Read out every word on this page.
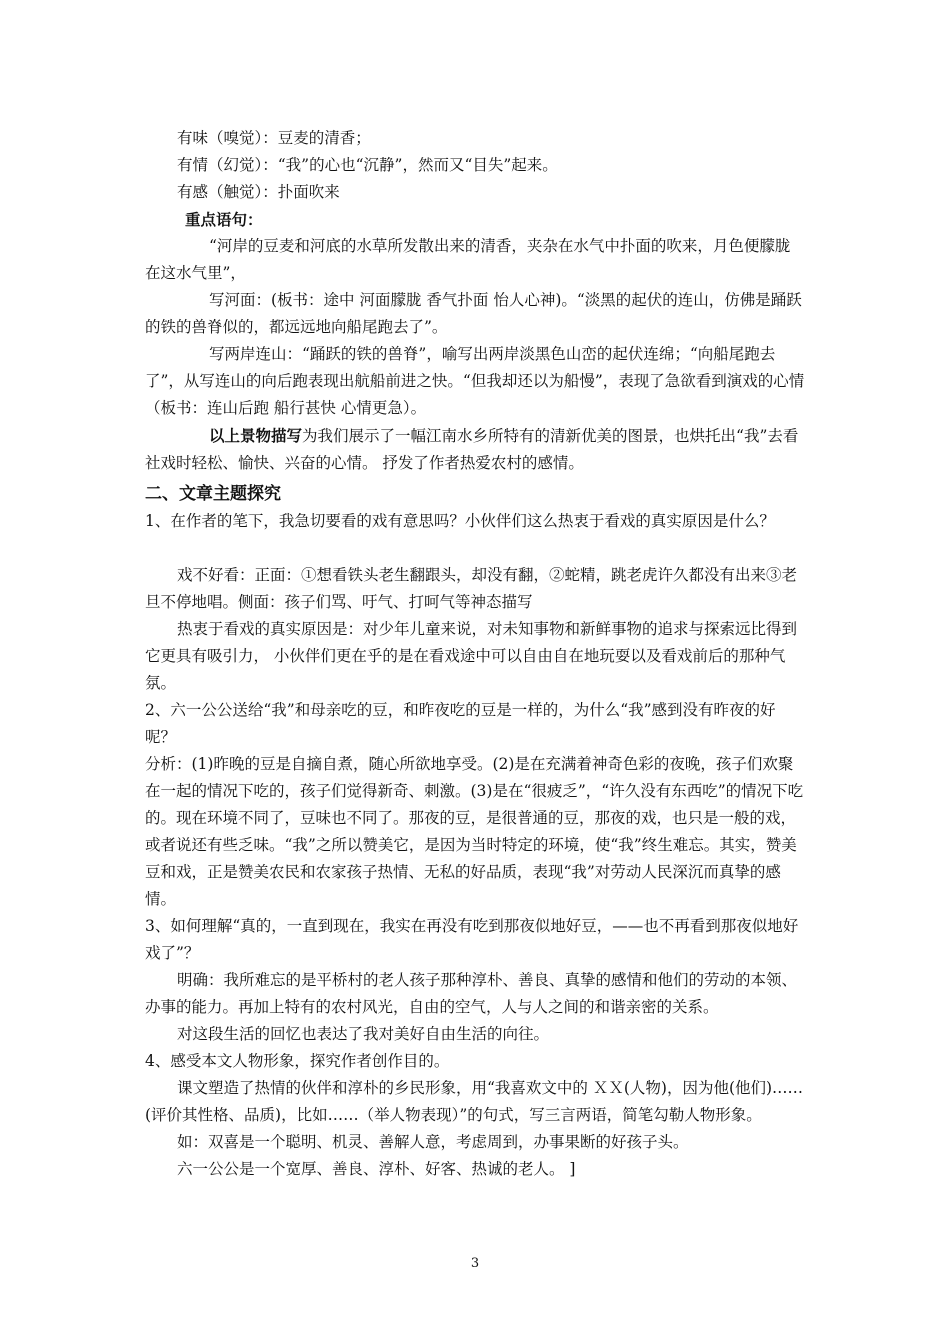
有味（嗅觉）：豆麦的清香；

有情（幻觉）：“我”的心也“沉静”，然而又“目失”起来。

有感（触觉）：扑面吹来

重点语句：

“河岸的豆麦和河底的水草所发散出来的清香，夹杂在水气中扑面的吹来，月色便朦胧在这水气里”，

写河面：(板书：途中 河面朦胧 香气扑面 怡人心神)。“淡黑的起伏的连山，仿佛是踊跃的铁的兽脊似的，都远远地向船尾跑去了”。

写两岸连山：“踊跃的铁的兽脊”，喻写出两岸淡黑色山峦的起伏连绵；“向船尾跑去了”，从写连山的向后跑表现出航船前进之快。“但我却还以为船慢”，表现了急欲看到演戏的心情（板书：连山后跑 船行甚快 心情更急）。

以上景物描写为我们展示了一幅江南水乡所特有的清新优美的图景，也烘托出“我”去看社戏时轻松、愉快、兴奋的心情。 抒发了作者热爱农村的感情。

二、文章主题探究

1、在作者的笔下，我急切要看的戏有意思吗？小伙伴们这么热衷于看戏的真实原因是什么？

戏不好看：正面：①想看铁头老生翻跟头，却没有翻，②蛇精，跳老虎许久都没有出来③老旦不停地唱。侧面：孩子们骂、吁气、打呵气等神态描写

热衷于看戏的真实原因是：对少年儿童来说，对未知事物和新鲜事物的追求与探索远比得到它更具有吸引力， 小伙伴们更在乎的是在看戏途中可以自由自在地玩耍以及看戏前后的那种气氛。

2、六一公公送给“我”和母亲吃的豆，和昨夜吃的豆是一样的，为什么“我”感到没有昨夜的好呢？

分析：(1)昨晚的豆是自摘自煮，随心所欲地享受。(2)是在充满着神奇色彩的夜晚，孩子们欢聚在一起的情况下吃的，孩子们觉得新奇、刺激。(3)是在“很疲乏”，“许久没有东西吃”的情况下吃的。现在环境不同了，豆味也不同了。那夜的豆，是很普通的豆，那夜的戏，也只是一般的戏，或者说还有些乏味。“我”之所以赞美它，是因为当时特定的环境，使“我”终生难忘。其实，赞美豆和戏，正是赞美农民和农家孩子热情、无私的好品质，表现“我”对劳动人民深沉而真挚的感情。

3、如何理解“真的，一直到现在，我实在再没有吃到那夜似地好豆，——也不再看到那夜似地好戏了”？

明确：我所难忘的是平桥村的老人孩子那种淳朴、善良、真挚的感情和他们的劳动的本领、办事的能力。再加上特有的农村风光，自由的空气，人与人之间的和谐亲密的关系。

对这段生活的回忆也表达了我对美好自由生活的向往。

4、感受本文人物形象，探究作者创作目的。

课文塑造了热情的伙伴和淳朴的乡民形象，用“我喜欢文中的 ＸＸ(人物)，因为他(他们)……(评价其性格、品质)，比如……（举人物表现）”的句式，写三言两语，简笔勾勒人物形象。

如：双喜是一个聪明、机灵、善解人意，考虑周到，办事果断的好孩子头。

六一公公是一个宽厚、善良、淳朴、好客、热诚的老人。 ]

3
